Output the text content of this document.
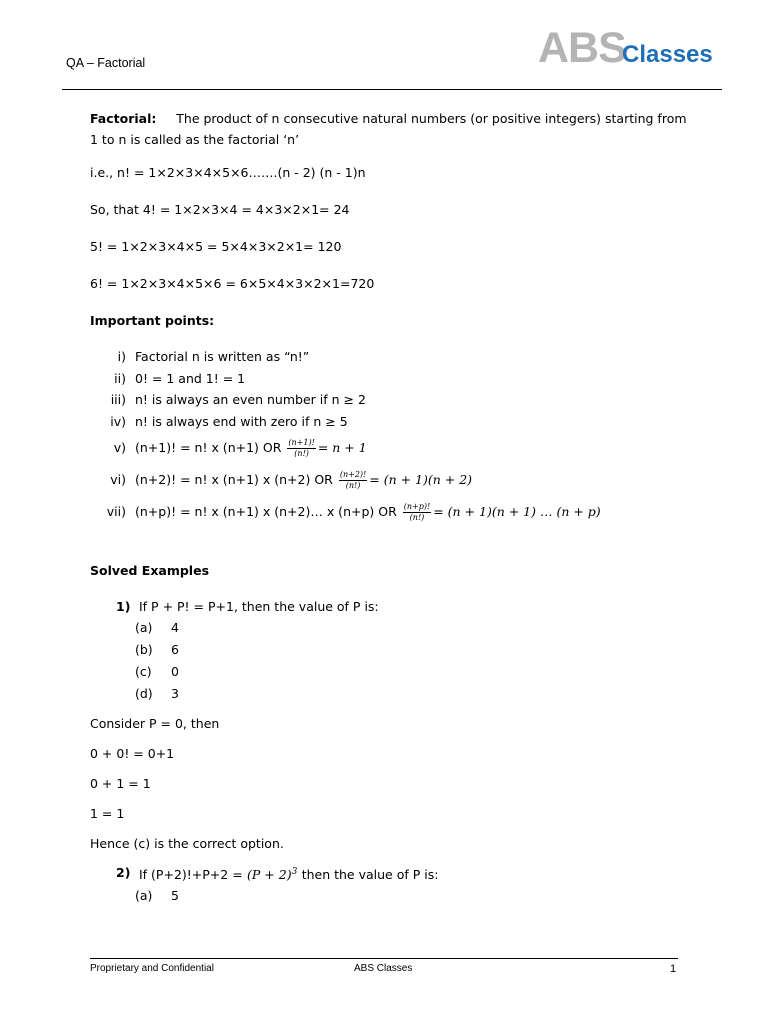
QA – Factorial	ABS
Classes

Factorial: The product of n consecutive natural numbers (or positive integers) starting from 1 to n is called as the factorial ‘n’

i.e., n! = 1×2×3×4×5×6…….(n - 2) (n - 1)n

So, that 4! = 1×2×3×4 = 4×3×2×1= 24

5! = 1×2×3×4×5 = 5×4×3×2×1= 120

6! = 1×2×3×4×5×6 = 6×5×4×3×2×1=720

Important points:

i) Factorial n is written as “n!”
ii) 0! = 1 and 1! = 1
iii) n! is always an even number if n ≥ 2
iv) n! is always end with zero if n ≥ 5
v) (n+1)! = n! x (n+1) OR $\frac{(n+1)!}{(n!)} = n + 1$
vi) (n+2)! = n! x (n+1) x (n+2) OR $\frac{(n+2)!}{(n!)} = (n + 1)(n + 2)$
vii) (n+p)! = n! x (n+1) x (n+2)… x (n+p) OR $\frac{(n+p)!}{(n!)} = (n + 1)(n + 1)$ … (n + p)

Solved Examples

1) If P + P! = P+1, then the value of P is:

(a) 4
(b) 6
(c) 0
(d) 3

Consider P = 0, then

0 + 0! = 0+1

0 + 1 = 1

1 = 1

Hence (c) is the correct option.

2) If $(P+2)!+P+2 = (P + 2)^3$ then the value of P is:

(a) 5
Proprietary and Confidential	ABS Classes	1
